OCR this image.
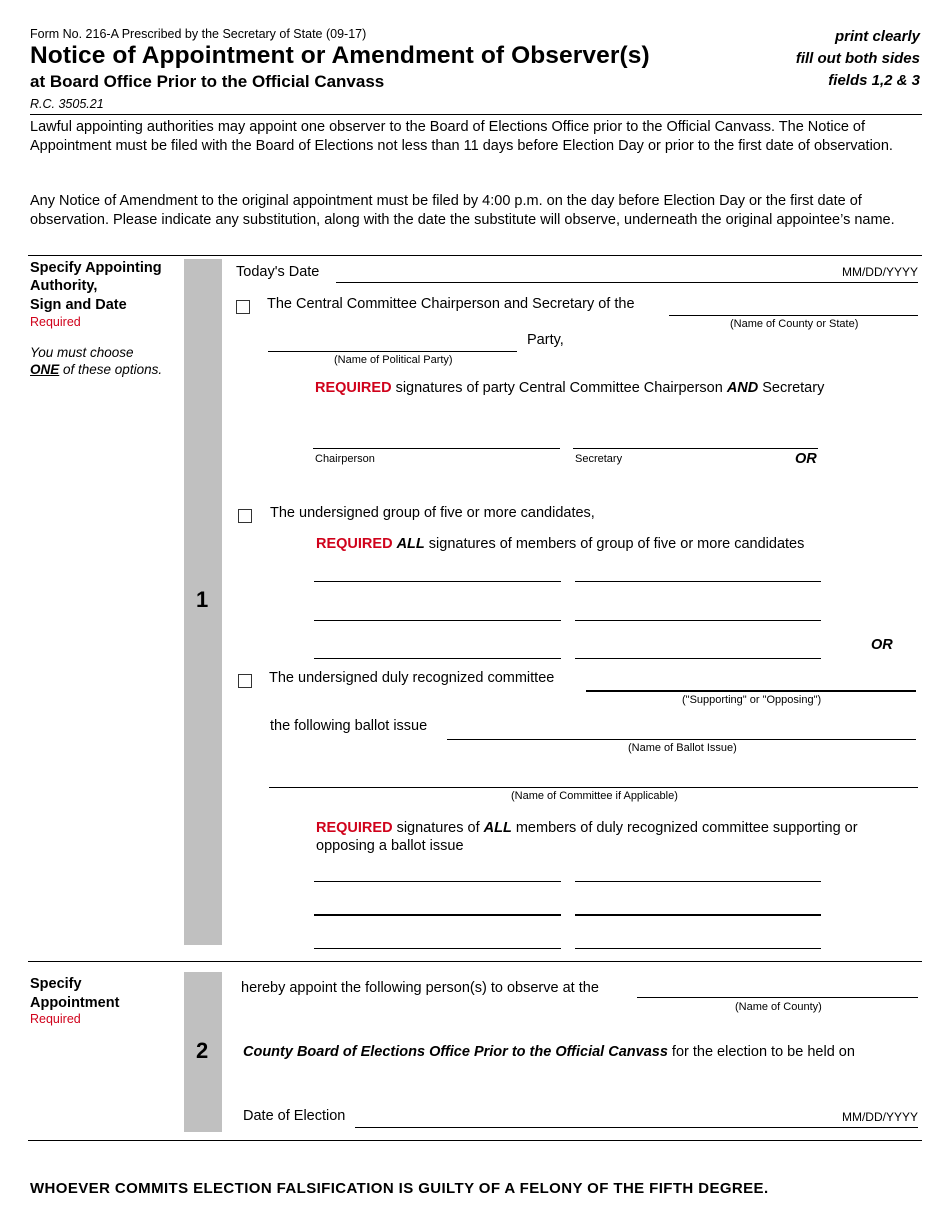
Form No. 216-A Prescribed by the Secretary of State (09-17)
Notice of Appointment or Amendment of Observer(s)
at Board Office Prior to the Official Canvass
R.C. 3505.21
print clearly
fill out both sides
fields 1,2 & 3
Lawful appointing authorities may appoint one observer to the Board of Elections Office prior to the Official Canvass. The Notice of Appointment must be filed with the Board of Elections not less than 11 days before Election Day or prior to the first date of observation.
Any Notice of Amendment to the original appointment must be filed by 4:00 p.m. on the day before Election Day or the first date of observation. Please indicate any substitution, along with the date the substitute will observe, underneath the original appointee’s name.
Specify Appointing
Authority,
Sign and Date
Required
You must choose
ONE of these options.
1
Today's Date	MM/DD/YYYY
The Central Committee Chairperson and Secretary of the
(Name of County or State)
Party,
(Name of Political Party)
REQUIRED signatures of party Central Committee Chairperson AND Secretary
Chairperson	Secretary	OR
The undersigned group of five or more candidates,
REQUIRED ALL signatures of members of group of five or more candidates
OR
The undersigned duly recognized committee
("Supporting" or "Opposing")
the following ballot issue
(Name of Ballot Issue)
(Name of Committee if Applicable)
REQUIRED signatures of ALL members of duly recognized committee supporting or
opposing a ballot issue
Specify
Appointment
Required
2
hereby appoint the following person(s) to observe at the
(Name of County)
County Board of Elections Office Prior to the Official Canvass for the election to be held on
Date of Election	MM/DD/YYYY
WHOEVER COMMITS ELECTION FALSIFICATION IS GUILTY OF A FELONY OF THE FIFTH DEGREE.
